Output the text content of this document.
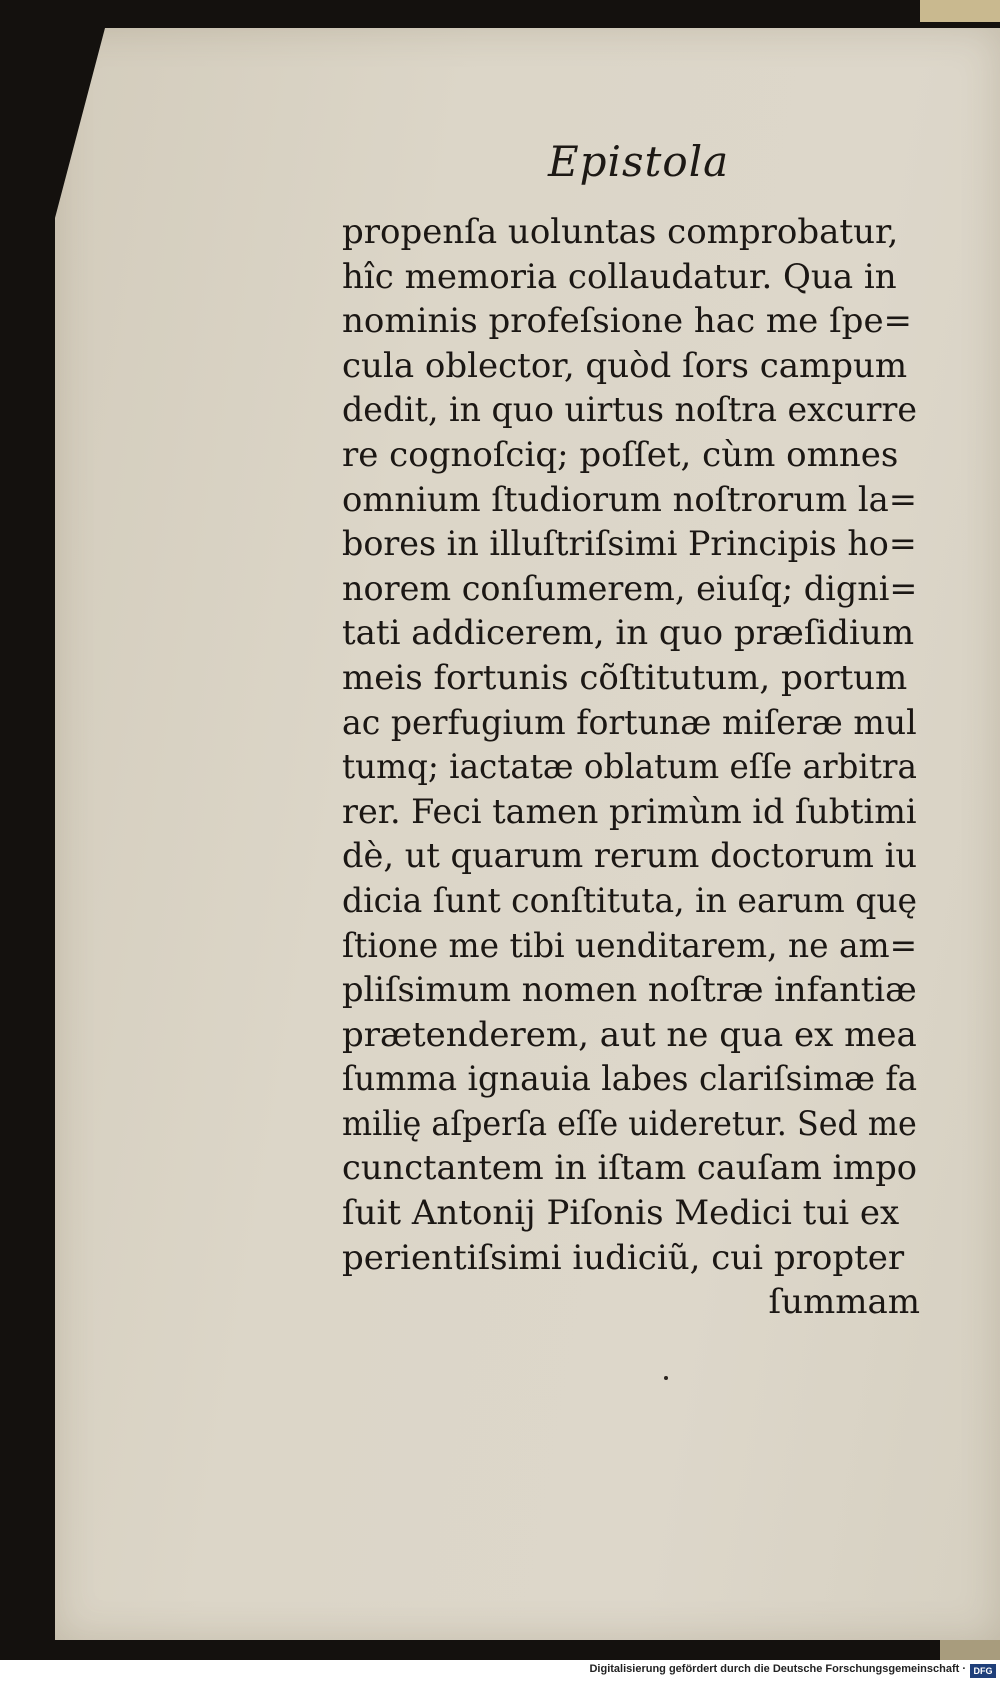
Epistola
propenſa uoluntas comprobatur,
hîc memoria collaudatur. Qua in
nominis profeſsione hac me ſpe=
cula oblector, quòd ſors campum
dedit, in quo uirtus noſtra excurre
re cognoſciq; poſſet, cùm omnes
omnium ſtudiorum noſtrorum la=
bores in illuſtriſsimi Principis ho=
norem conſumerem, eiuſq; digni=
tati addicerem, in quo præſidium
meis fortunis cõſtitutum, portum
ac perfugium fortunæ miſeræ mul
tumq; iactatæ oblatum eſſe arbitra
rer. Feci tamen primùm id ſubtimi
dè, ut quarum rerum doctorum iu
dicia ſunt conſtituta, in earum quę
ſtione me tibi uenditarem, ne am=
pliſsimum nomen noſtræ infantiæ
prætenderem, aut ne qua ex mea
ſumma ignauia labes clariſsimæ fa
milię aſperſa eſſe uideretur. Sed me
cunctantem in iſtam cauſam impo
ſuit Antonij Piſonis Medici tui ex
perientiſsimi iudiciũ, cui propter
ſummam
Digitalisierung gefördert durch die Deutsche Forschungsgemeinschaft · DFG
